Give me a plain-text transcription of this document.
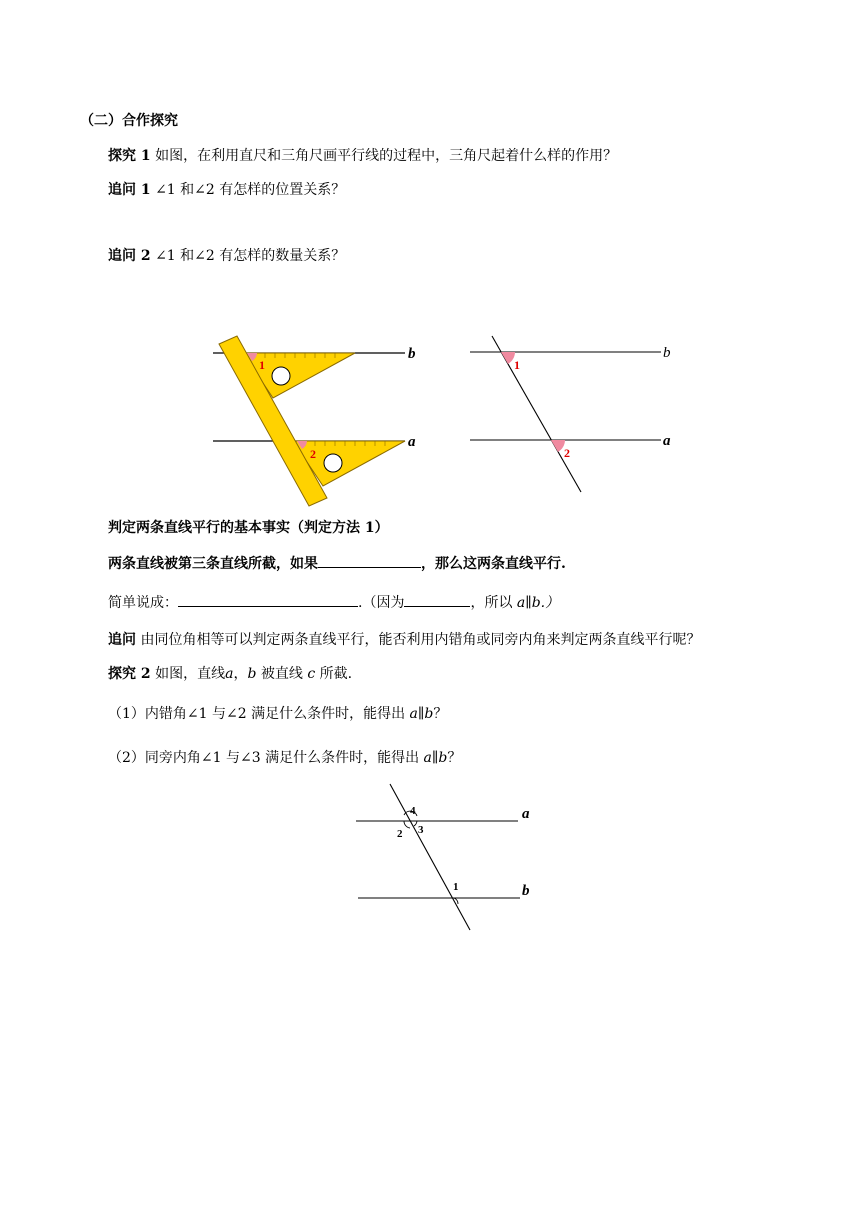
（二）合作探究
探究 1 如图，在利用直尺和三角尺画平行线的过程中，三角尺起着什么样的作用？
追问 1 ∠1 和∠2 有怎样的位置关系？
追问 2 ∠1 和∠2 有怎样的数量关系？
1
2
b
a
1
2
b
a
判定两条直线平行的基本事实（判定方法 1）
两条直线被第三条直线所截，如果	，那么这两条直线平行.
简单说成：	.（因为	，所以 a∥b.）
追问 由同位角相等可以判定两条直线平行，能否利用内错角或同旁内角来判定两条直线平行呢？
探究 2 如图，直线a，b 被直线 c 所截.
（1）内错角∠1 与∠2 满足什么条件时，能得出 a∥b？
（2）同旁内角∠1 与∠3 满足什么条件时，能得出 a∥b？
4
2 3
1
a
b
